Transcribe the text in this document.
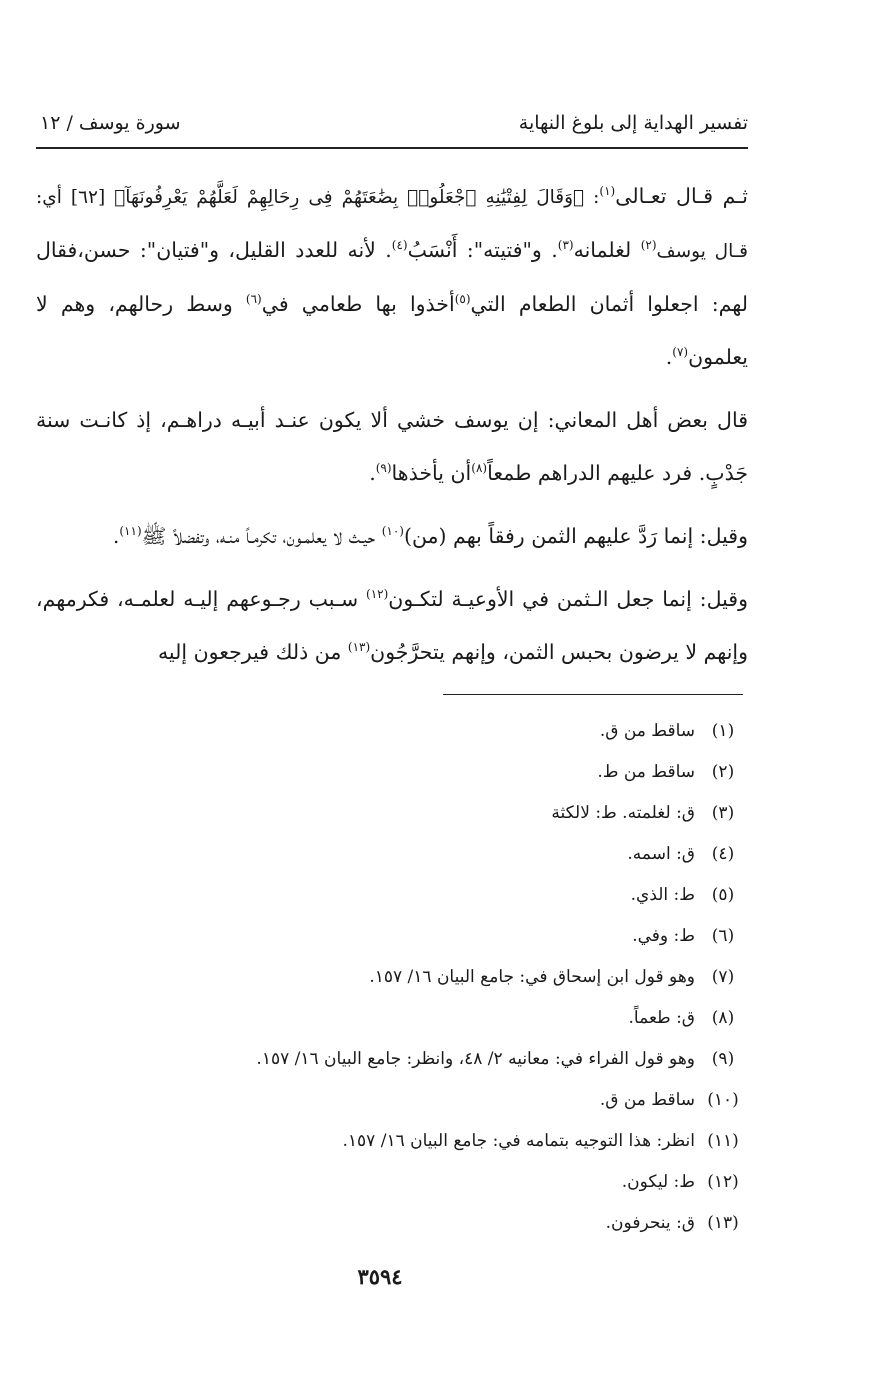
تفسير الهداية إلى بلوغ النهاية
سورة يوسف / ١٢

ثـم قـال تعـالى$^{(١)}$: ﴿وَقَالَ لِفِتْيَٰنِهِ ٱجْعَلُوا۟ بِضَٰعَتَهُمْ فِى رِحَالِهِمْ لَعَلَّهُمْ يَعْرِفُونَهَآ﴾ [٦٢] أي: قـال يوسف$^{(٢)}$ لغلمانه$^{(٣)}$. و"فتيته": أَنْسَبُ$^{(٤)}$. لأنه للعدد القليل، و"فتيان": حسن،فقال لهم: اجعلوا أثمان الطعام التي$^{(٥)}$أخذوا بها طعامي في$^{(٦)}$ وسط رحالهم، وهم لا يعلمون$^{(٧)}$.

قال بعض أهل المعاني: إن يوسف خشي ألا يكون عنـد أبيـه دراهـم، إذ كانـت سنة جَدْبٍ. فرد عليهم الدراهم طمعاً$^{(٨)}$أن يأخذها$^{(٩)}$.

وقيل: إنما رَدَّ عليهم الثمن رفقاً بهم (من)$^{(١٠)}$ حيـث لا يعلمـون، تكرمـاً منـه، وتفضلاً ﷺ$^{(١١)}$.

وقيل: إنما جعل الـثمن في الأوعيـة لتكـون$^{(١٢)}$ سـبب رجـوعهم إليـه لعلمـه، فكرمهم، وإنهم لا يرضون بحبس الثمن، وإنهم يتحرَّجُون$^{(١٣)}$ من ذلك فيرجعون إليه

(١)ساقط من ق.
(٢)ساقط من ط.
(٣)ق: لغلمته. ط: لالكثة
(٤)ق: اسمه.
(٥)ط: الذي.
(٦)ط: وفي.
(٧)وهو قول ابن إسحاق في: جامع البيان ١٦/ ١٥٧.
(٨)ق: طعماً.
(٩)وهو قول الفراء في: معانيه ٢/ ٤٨، وانظر: جامع البيان ١٦/ ١٥٧.
(١٠)ساقط من ق.
(١١)انظر: هذا التوجيه بتمامه في: جامع البيان ١٦/ ١٥٧.
(١٢)ط: ليكون.
(١٣)ق: ينحرفون.
٣٥٩٤
